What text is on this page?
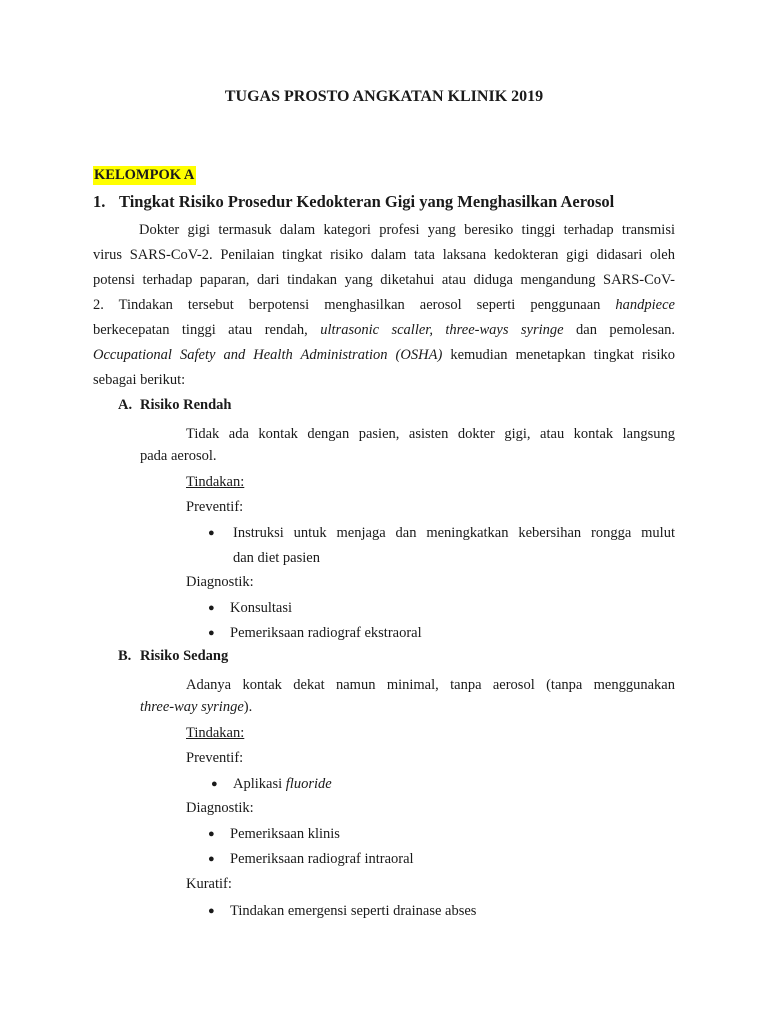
TUGAS PROSTO ANGKATAN KLINIK 2019
KELOMPOK A
1. Tingkat Risiko Prosedur Kedokteran Gigi yang Menghasilkan Aerosol
Dokter gigi termasuk dalam kategori profesi yang beresiko tinggi terhadap transmisi
virus SARS-CoV-2. Penilaian tingkat risiko dalam tata laksana kedokteran gigi didasari oleh
potensi terhadap paparan, dari tindakan yang diketahui atau diduga mengandung SARS-CoV-
2. Tindakan tersebut berpotensi menghasilkan aerosol seperti penggunaan handpiece
berkecepatan tinggi atau rendah, ultrasonic scaller, three-ways syringe dan pemolesan.
Occupational Safety and Health Administration (OSHA) kemudian menetapkan tingkat risiko
sebagai berikut:
A. Risiko Rendah
Tidak ada kontak dengan pasien, asisten dokter gigi, atau kontak langsung
pada aerosol.
Tindakan:
Preventif:
● Instruksi untuk menjaga dan meningkatkan kebersihan rongga mulut
dan diet pasien
Diagnostik:
● Konsultasi
● Pemeriksaan radiograf ekstraoral
B. Risiko Sedang
Adanya kontak dekat namun minimal, tanpa aerosol (tanpa menggunakan
three-way syringe).
Tindakan:
Preventif:
● Aplikasi fluoride
Diagnostik:
● Pemeriksaan klinis
● Pemeriksaan radiograf intraoral
Kuratif:
● Tindakan emergensi seperti drainase abses
